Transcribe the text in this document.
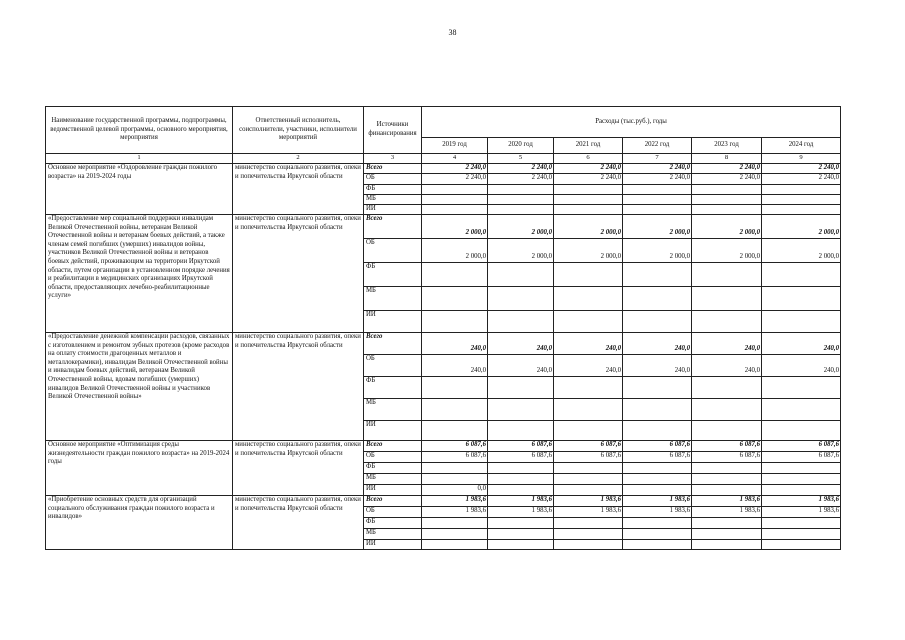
38
Наименование государственной программы, подпрограммы, ведомственной целевой программы, основного мероприятия, мероприятия	Ответственный исполнитель, соисполнители, участники, исполнители мероприятий	Источники финансирования	Расходы (тыс.руб.), годы					
			2019 год	2020 год	2021 год	2022 год	2023 год	2024 год
1	2	3	4	5	6	7	8	9
Основное мероприятие «Оздоровление граждан пожилого возраста» на 2019-2024 годы	министерство социального развития, опеки и попечительства Иркутской области	Всего	2 240,0	2 240,0	2 240,0	2 240,0	2 240,0	2 240,0
		ОБ	2 240,0	2 240,0	2 240,0	2 240,0	2 240,0	2 240,0
		ФБ						
		МБ						
		ИИ						
«Предоставление мер социальной поддержки инвалидам Великой Отечественной войны, ветеранам Великой Отечественной войны и ветеранам боевых действий, а также членам семей погибших (умерших) инвалидов войны, участников Великой Отечественной войны и ветеранов боевых действий, проживающим на территории Иркутской области, путем организации в установленном порядке лечения и реабилитации в медицинских организациях Иркутской области, предоставляющих лечебно-реабилитационные услуги»	министерство социального развития, опеки и попечительства Иркутской области	Всего	2 000,0	2 000,0	2 000,0	2 000,0	2 000,0	2 000,0
		ОБ	2 000,0	2 000,0	2 000,0	2 000,0	2 000,0	2 000,0
		ФБ						
		МБ						
		ИИ						
«Предоставление денежной компенсации расходов, связанных с изготовлением и ремонтом зубных протезов (кроме расходов на оплату стоимости драгоценных металлов и металлокерамики), инвалидам Великой Отечественной войны и инвалидам боевых действий, ветеранам Великой Отечественной войны, вдовам погибших (умерших) инвалидов Великой Отечественной войны и участников Великой Отечественной войны»	министерство социального развития, опеки и попечительства Иркутской области	Всего	240,0	240,0	240,0	240,0	240,0	240,0
		ОБ	240,0	240,0	240,0	240,0	240,0	240,0
		ФБ						
		МБ						
		ИИ						
Основное мероприятие «Оптимизация среды жизнедеятельности граждан пожилого возраста» на 2019-2024 годы	министерство социального развития, опеки и попечительства Иркутской области	Всего	6 087,6	6 087,6	6 087,6	6 087,6	6 087,6	6 087,6
		ОБ	6 087,6	6 087,6	6 087,6	6 087,6	6 087,6	6 087,6
		ФБ						
		МБ						
		ИИ	0,0					
«Приобретение основных средств для организаций социального обслуживания граждан пожилого возраста и инвалидов»	министерство социального развития, опеки и попечительства Иркутской области	Всего	1 983,6	1 983,6	1 983,6	1 983,6	1 983,6	1 983,6
		ОБ	1 983,6	1 983,6	1 983,6	1 983,6	1 983,6	1 983,6
		ФБ						
		МБ						
		ИИ						
